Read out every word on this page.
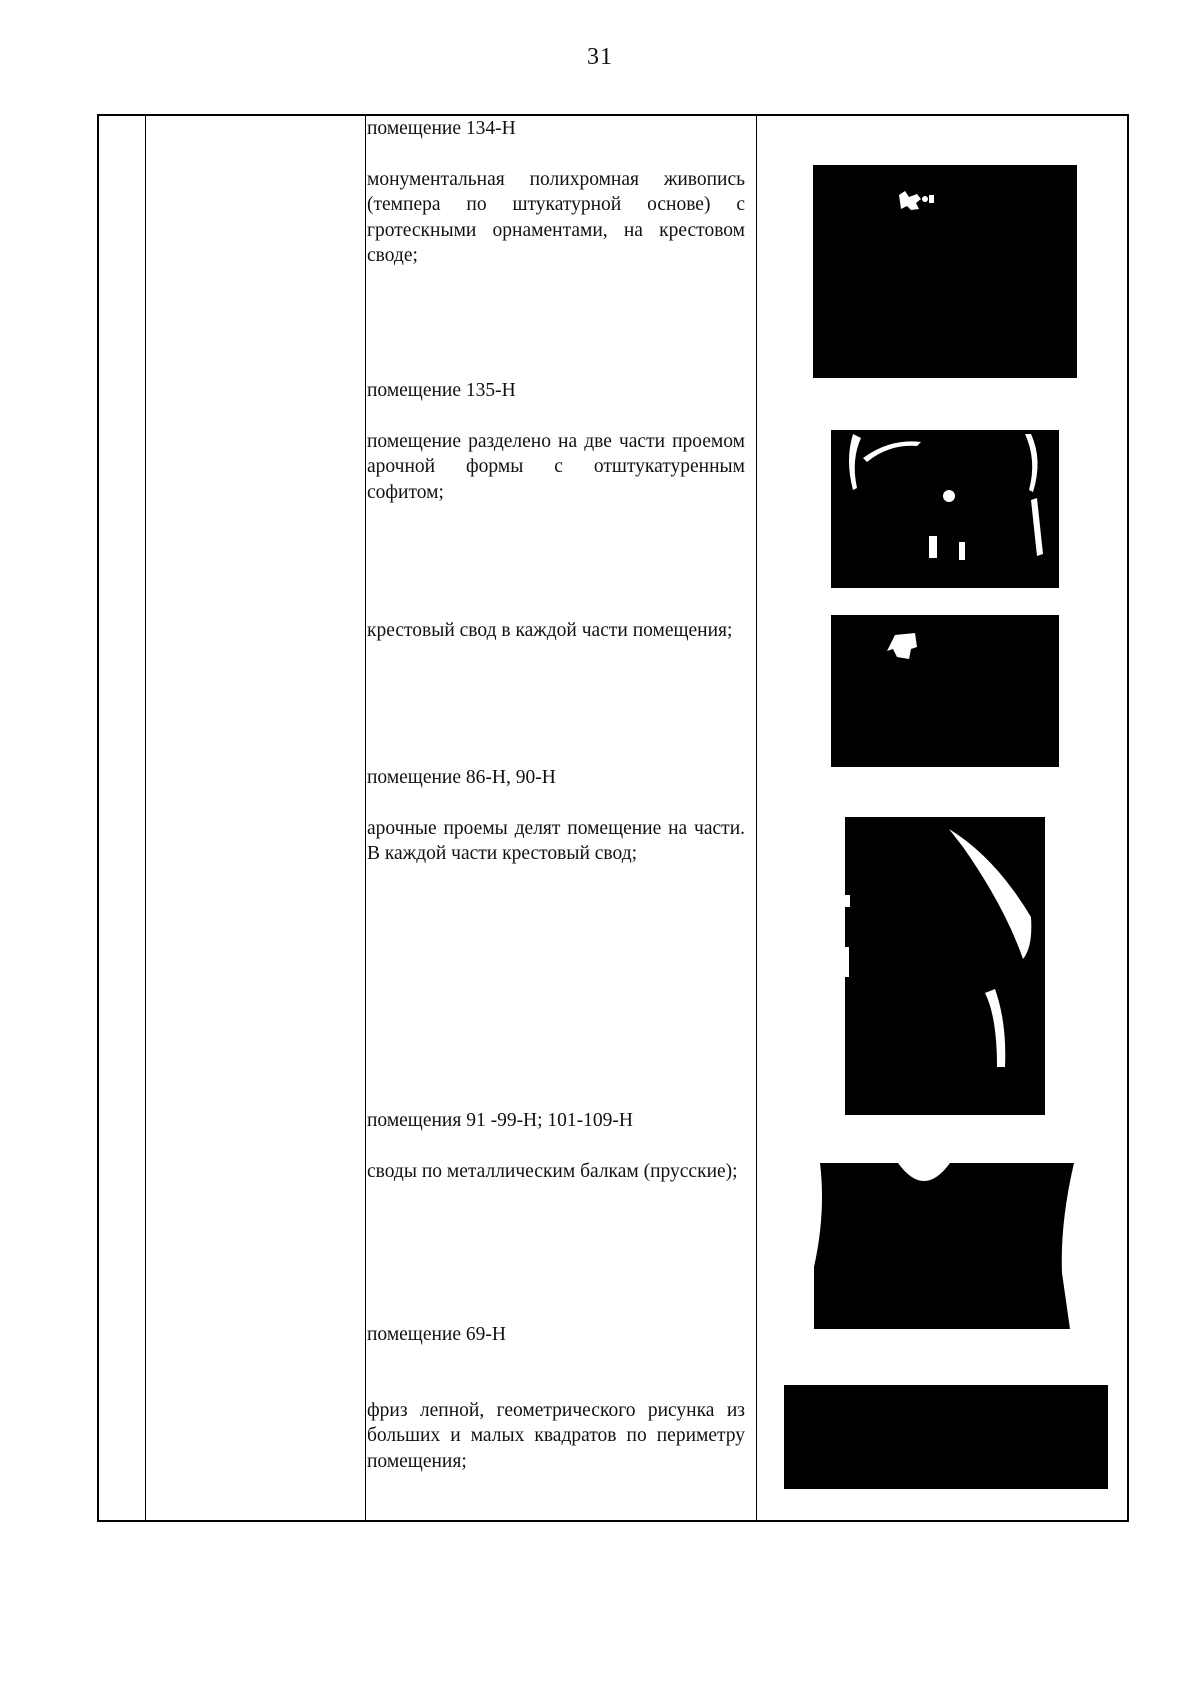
31

помещение 134-Н

монументальная полихромная живопись (темпера по штукатурной основе) с гротескными орнаментами, на крестовом своде;

помещение 135-Н

помещение разделено на две части проемом арочной формы с отштукатуренным софитом;

крестовый свод в каждой части помещения;

помещение 86-Н, 90-Н

арочные проемы делят помещение на части. В каждой части крестовый свод;

помещения 91 -99-Н; 101-109-Н

своды по металлическим балкам (прусские);

помещение 69-Н

фриз лепной, геометрического рисунка из больших и малых квадратов по периметру помещения;
